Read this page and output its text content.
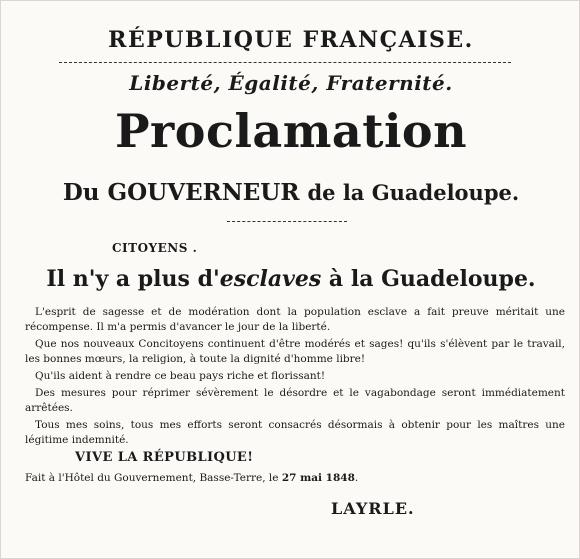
RÉPUBLIQUE FRANÇAISE.
Liberté, Égalité, Fraternité.
Proclamation
Du GOUVERNEUR de la Guadeloupe.
CITOYENS .
Il n'y a plus d'esclaves à la Guadeloupe.

L'esprit de sagesse et de modération dont la population esclave a fait preuve méritait une récompense. Il m'a permis d'avancer le jour de la liberté.

Que nos nouveaux Concitoyens continuent d'être modérés et sages! qu'ils s'élèvent par le travail, les bonnes mœurs, la religion, à toute la dignité d'homme libre!

Qu'ils aident à rendre ce beau pays riche et florissant!

Des mesures pour réprimer sévèrement le désordre et le vagabondage seront immédiatement arrêtées.

Tous mes soins, tous mes efforts seront consacrés désormais à obtenir pour les maîtres une légitime indemnité.

VIVE LA RÉPUBLIQUE!
Fait à l'Hôtel du Gouvernement, Basse-Terre, le 27 mai 1848.
LAYRLE.
